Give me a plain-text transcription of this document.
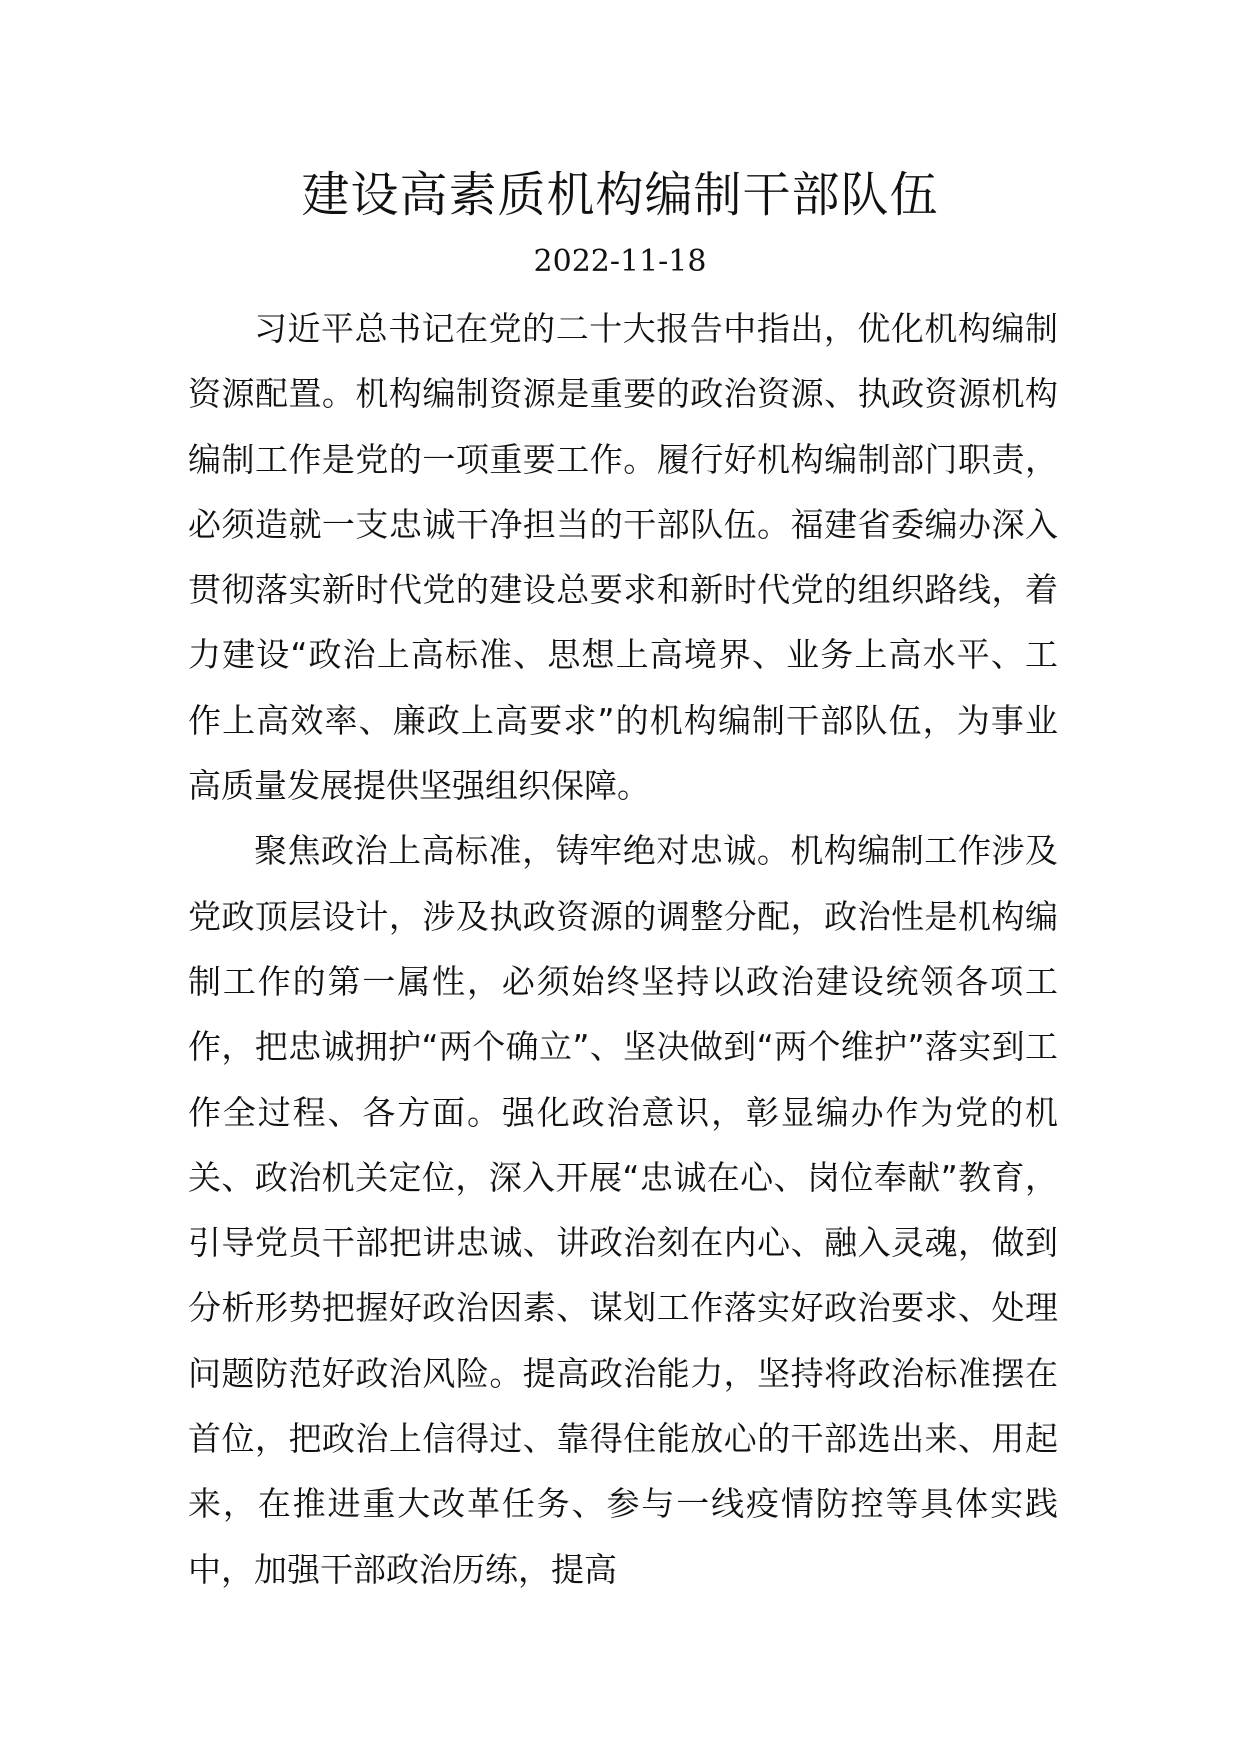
建设高素质机构编制干部队伍
2022-11-18

习近平总书记在党的二十大报告中指出，优化机构编制资源配置。机构编制资源是重要的政治资源、执政资源机构编制工作是党的一项重要工作。履行好机构编制部门职责，必须造就一支忠诚干净担当的干部队伍。福建省委编办深入贯彻落实新时代党的建设总要求和新时代党的组织路线，着力建设“政治上高标准、思想上高境界、业务上高水平、工作上高效率、廉政上高要求”的机构编制干部队伍，为事业高质量发展提供坚强组织保障。

聚焦政治上高标准，铸牢绝对忠诚。机构编制工作涉及党政顶层设计，涉及执政资源的调整分配，政治性是机构编制工作的第一属性，必须始终坚持以政治建设统领各项工作，把忠诚拥护“两个确立”、坚决做到“两个维护”落实到工作全过程、各方面。强化政治意识，彰显编办作为党的机关、政治机关定位，深入开展“忠诚在心、岗位奉献”教育，引导党员干部把讲忠诚、讲政治刻在内心、融入灵魂，做到分析形势把握好政治因素、谋划工作落实好政治要求、处理问题防范好政治风险。提高政治能力，坚持将政治标准摆在首位，把政治上信得过、靠得住能放心的干部选出来、用起来，在推进重大改革任务、参与一线疫情防控等具体实践中，加强干部政治历练，提高
